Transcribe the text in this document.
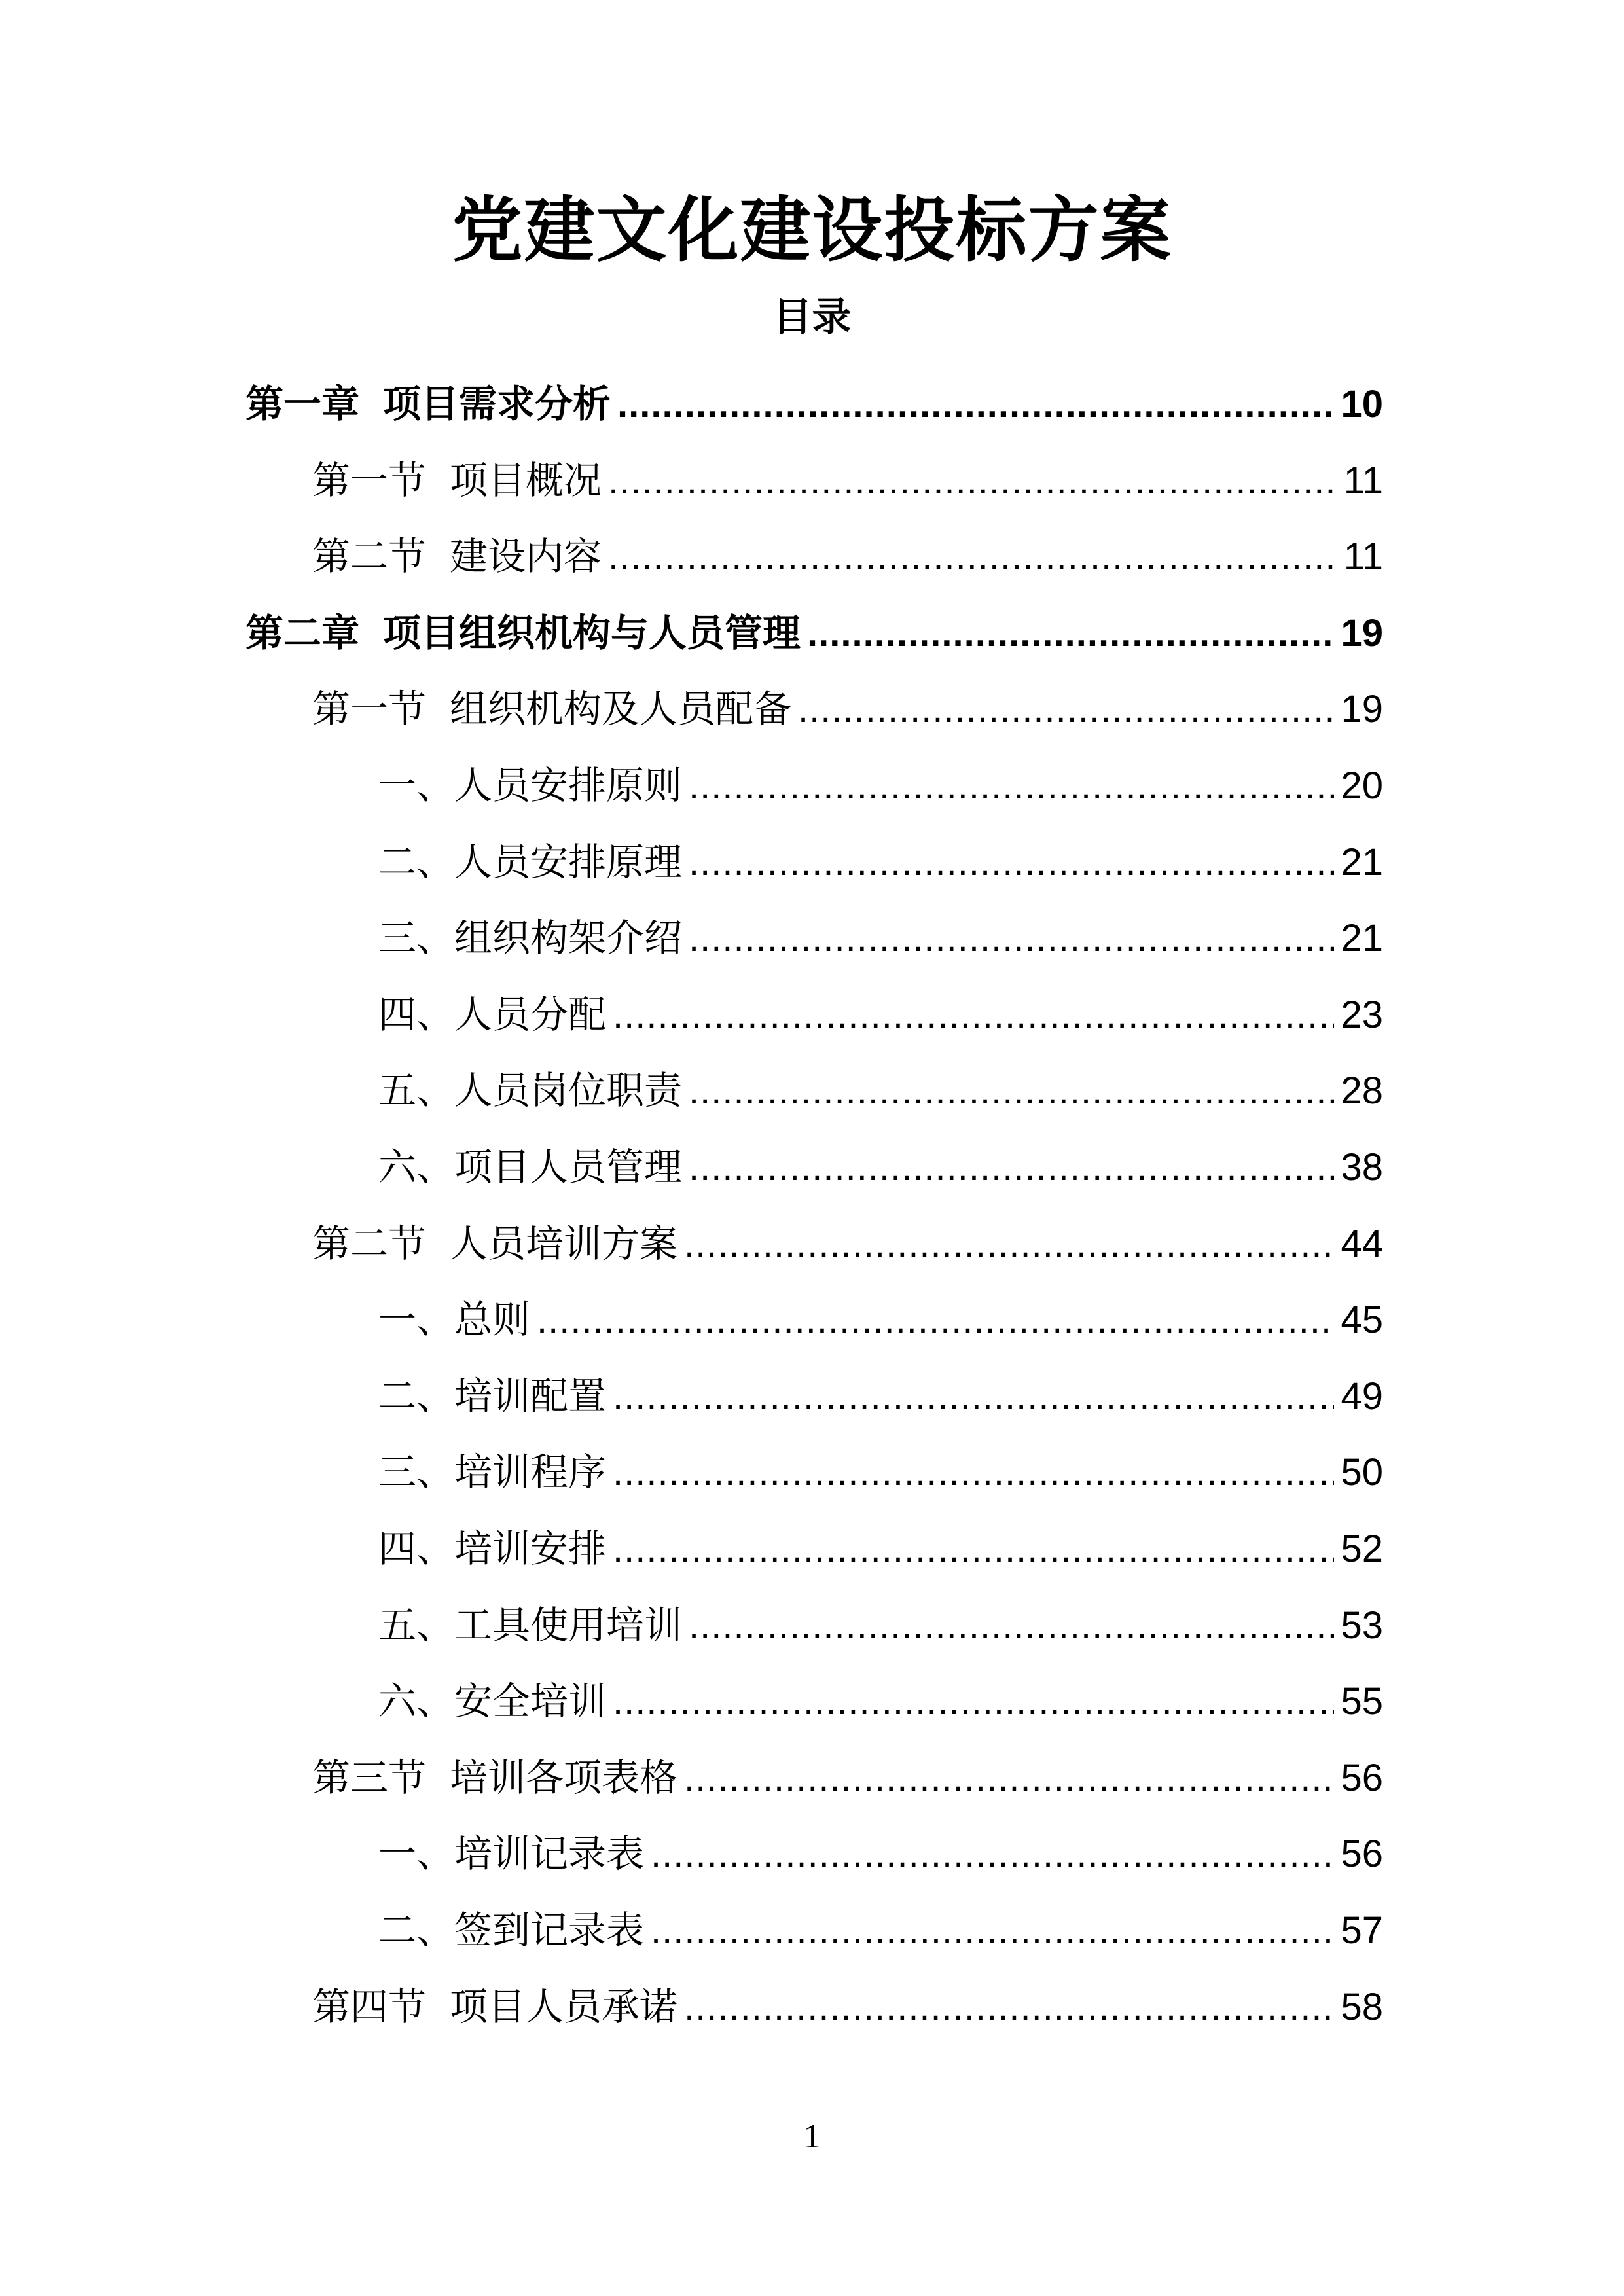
党建文化建设投标方案
目录
第一章 项目需求分析 .....	10
第一节 项目概况 .....	11
第二节 建设内容 .....	11
第二章 项目组织机构与人员管理 .....	19
第一节 组织机构及人员配备 .....	19
一、人员安排原则 .....	20
二、人员安排原理 .....	21
三、组织构架介绍 .....	21
四、人员分配 .....	23
五、人员岗位职责 .....	28
六、项目人员管理 .....	38
第二节 人员培训方案 .....	44
一、总则 .....	45
二、培训配置 .....	49
三、培训程序 .....	50
四、培训安排 .....	52
五、工具使用培训 .....	53
六、安全培训 .....	55
第三节 培训各项表格 .....	56
一、培训记录表 .....	56
二、签到记录表 .....	57
第四节 项目人员承诺 .....	58
1
